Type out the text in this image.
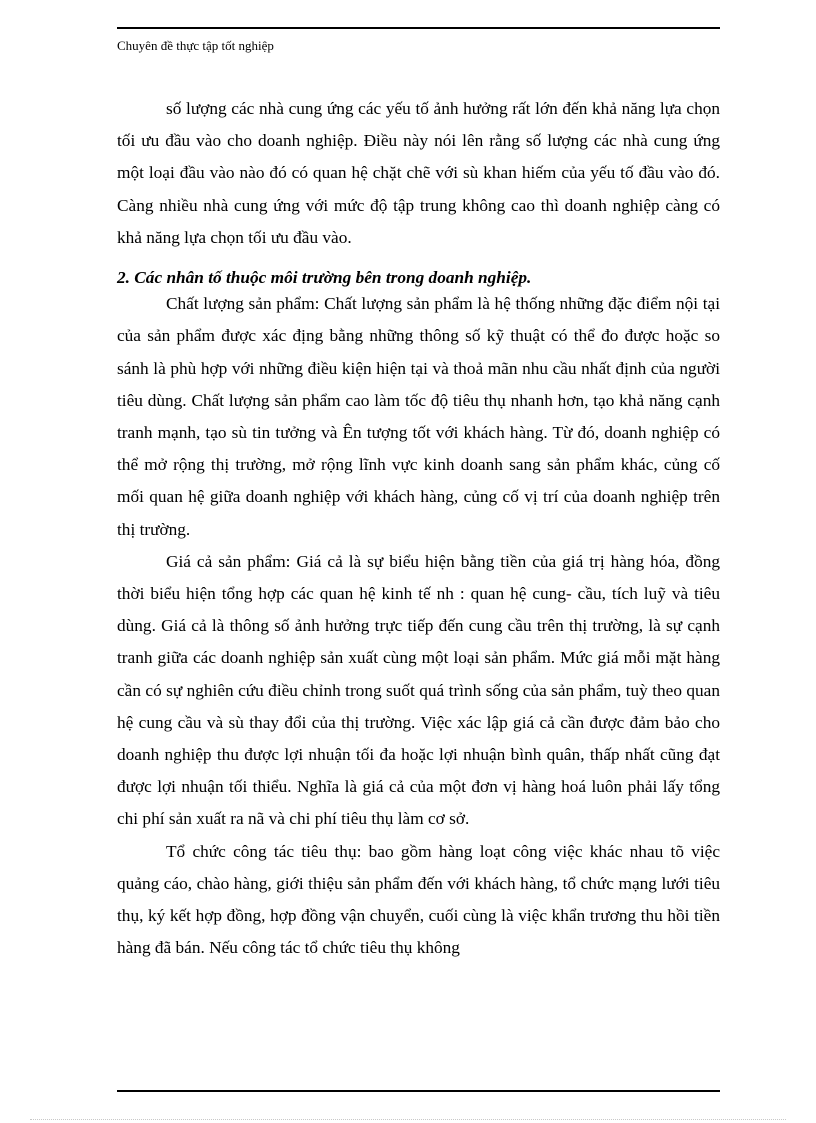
Chuyên đề thực tập tốt nghiệp

số lượng các nhà cung ứng các yếu tố ảnh hưởng rất lớn đến khả năng lựa chọn tối ưu đầu vào cho doanh nghiệp. Điều này nói lên rằng số lượng các nhà cung ứng một loại đầu vào nào đó có quan hệ chặt chẽ với sù khan hiếm của yếu tố đầu vào đó. Càng nhiều nhà cung ứng với mức độ tập trung không cao thì doanh nghiệp càng có khả năng lựa chọn tối ưu đầu vào.

2. Các nhân tố thuộc môi trường bên trong doanh nghiệp.

Chất lượng sản phẩm: Chất lượng sản phẩm là hệ thống những đặc điểm nội tại của sản phẩm được xác địng bằng những thông số kỹ thuật có thể đo được hoặc so sánh là phù hợp với những điều kiện hiện tại và thoả mãn nhu cầu nhất định của người tiêu dùng. Chất lượng sản phẩm cao làm tốc độ tiêu thụ nhanh hơn, tạo khả năng cạnh tranh mạnh, tạo sù tin tưởng và Ên tượng tốt với khách hàng. Từ đó, doanh nghiệp có thể mở rộng thị trường, mở rộng lĩnh vực kinh doanh sang sản phẩm khác, củng cố mối quan hệ giữa doanh nghiệp với khách hàng, củng cố vị trí của doanh nghiệp trên thị trường.

Giá cả sản phẩm: Giá cả là sự biểu hiện bằng tiền của giá trị hàng hóa, đồng thời biểu hiện tổng hợp các quan hệ kinh tế nh : quan hệ cung- cầu, tích luỹ và tiêu dùng. Giá cả là thông số ảnh hưởng trực tiếp đến cung cầu trên thị trường, là sự cạnh tranh giữa các doanh nghiệp sản xuất cùng một loại sản phẩm. Mức giá mỗi mặt hàng cần có sự nghiên cứu điều chỉnh trong suốt quá trình sống của sản phẩm, tuỳ theo quan hệ cung cầu và sù thay đổi của thị trường. Việc xác lập giá cả cần được đảm bảo cho doanh nghiệp thu được lợi nhuận tối đa hoặc lợi nhuận bình quân, thấp nhất cũng đạt được lợi nhuận tối thiểu. Nghĩa là giá cả của một đơn vị hàng hoá luôn phải lấy tổng chi phí sản xuất ra nã và chi phí tiêu thụ làm cơ sở.

Tổ chức công tác tiêu thụ: bao gồm hàng loạt công việc khác nhau tõ việc quảng cáo, chào hàng, giới thiệu sản phẩm đến với khách hàng, tổ chức mạng lưới tiêu thụ, ký kết hợp đồng, hợp đồng vận chuyển, cuối cùng là việc khẩn trương thu hồi tiền hàng đã bán. Nếu công tác tổ chức tiêu thụ không
